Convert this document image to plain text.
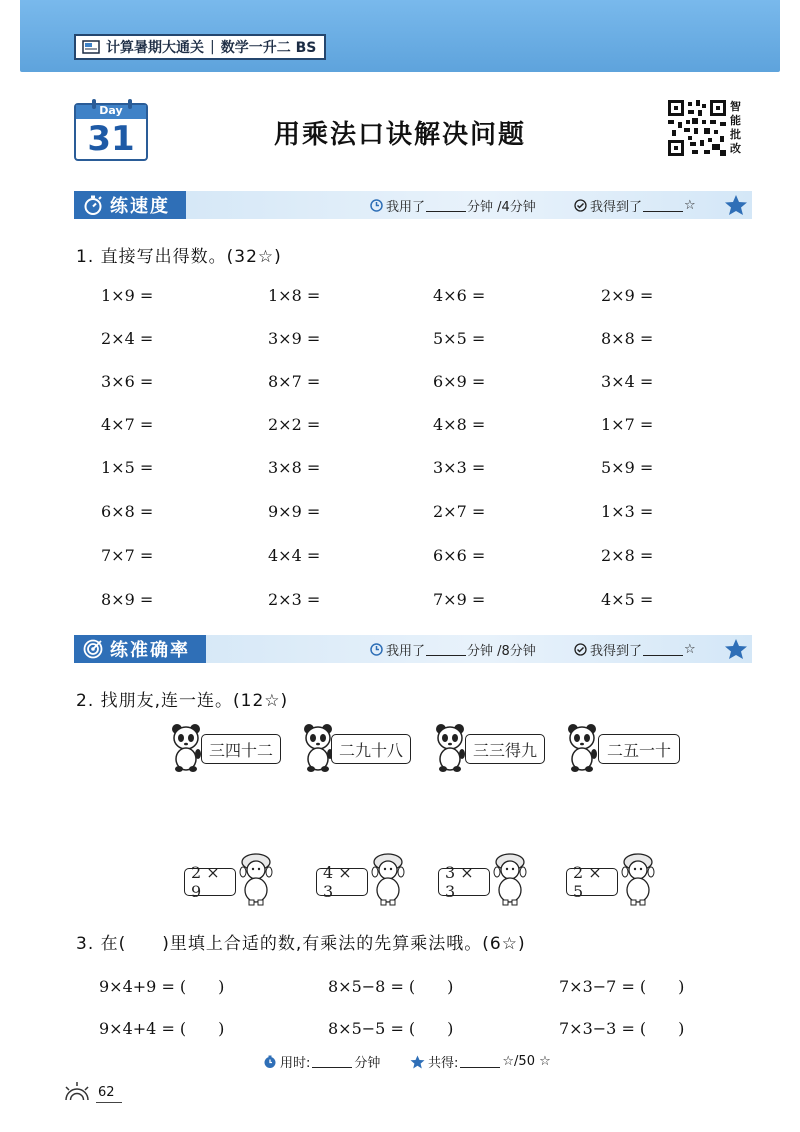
计算暑期大通关 | 数学一升二 BS
Day
31	用乘法口诀解决问题
智
能
批
改
练速度	我用了	分钟 /4分钟	我得到了	☆
1. 直接写出得数。(32☆)
1×9 =	1×8 =	4×6 =	2×9 =
2×4 =	3×9 =	5×5 =	8×8 =
3×6 =	8×7 =	6×9 =	3×4 =
4×7 =	2×2 =	4×8 =	1×7 =
1×5 =	3×8 =	3×3 =	5×9 =
6×8 =	9×9 =	2×7 =	1×3 =
7×7 =	4×4 =	6×6 =	2×8 =
8×9 =	2×3 =	7×9 =	4×5 =
练准确率	我用了	分钟 /8分钟	我得到了	☆
2. 找朋友,连一连。(12☆)
三四十二	二九十八	三三得九	二五一十
2 × 9
4 × 3
3 × 3
2 × 5
3. 在(　　)里填上合适的数,有乘法的先算乘法哦。(6☆)
9×4+9 = (　　)	8×5−8 = (　　)	7×3−7 = (　　)
9×4+4 = (　　)	8×5−5 = (　　)	7×3−3 = (　　)
用时:	分钟	共得:	☆/50 ☆
62
